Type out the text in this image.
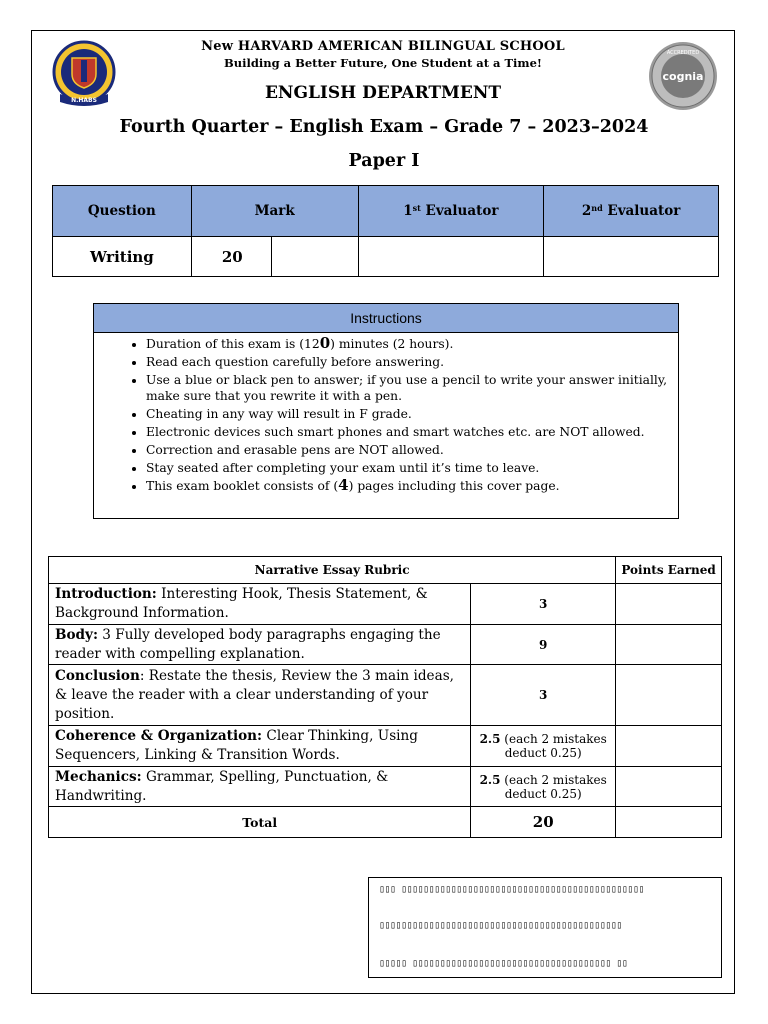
N.HABS
ACCREDITED
cognia
New HARVARD AMERICAN BILINGUAL SCHOOL
Building a Better Future, One Student at a Time!
ENGLISH DEPARTMENT
Fourth Quarter – English Exam – Grade 7 – 2023–2024
Paper I
Question	Mark		1st Evaluator	2nd Evaluator
Writing	20			
Instructions
• Duration of this exam is (120) minutes (2 hours).
• Read each question carefully before answering.
• Use a blue or black pen to answer; if you use a pencil to write your answer initially, make sure that you rewrite it with a pen.
• Cheating in any way will result in F grade.
• Electronic devices such smart phones and smart watches etc. are NOT allowed.
• Correction and erasable pens are NOT allowed.
• Stay seated after completing your exam until it’s time to leave.
• This exam booklet consists of (4) pages including this cover page.
Narrative Essay Rubric		Points Earned
Introduction: Interesting Hook, Thesis Statement, & Background Information.	3	
Body: 3 Fully developed body paragraphs engaging the reader with compelling explanation.	9	
Conclusion: Restate the thesis, Review the 3 main ideas, & leave the reader with a clear understanding of your position.	3	
Coherence & Organization: Clear Thinking, Using Sequencers, Linking & Transition Words.	2.5 (each 2 mistakes deduct 0.25)	
Mechanics: Grammar, Spelling, Punctuation, & Handwriting.	2.5 (each 2 mistakes deduct 0.25)	
Total	20	
▯▯▯ ▯▯▯▯▯▯▯▯▯▯▯▯▯▯▯▯▯▯▯▯▯▯▯▯▯▯▯▯▯▯▯▯▯▯▯▯▯▯▯▯▯▯▯▯
▯▯▯▯▯▯▯▯▯▯▯▯▯▯▯▯▯▯▯▯▯▯▯▯▯▯▯▯▯▯▯▯▯▯▯▯▯▯▯▯▯▯▯▯
▯▯▯▯▯ ▯▯▯▯▯▯▯▯▯▯▯▯▯▯▯▯▯▯▯▯▯▯▯▯▯▯▯▯▯▯▯▯▯▯▯▯ ▯▯
